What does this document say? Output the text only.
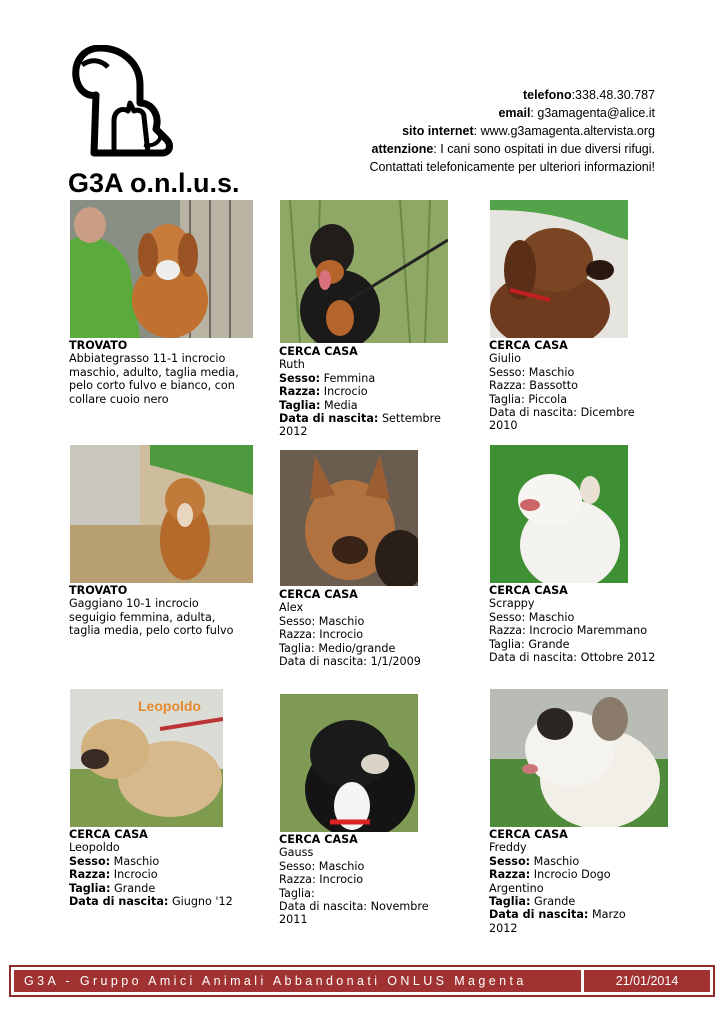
G3A o.n.l.u.s.
telefono:338.48.30.787
email: g3amagenta@alice.it
sito internet: www.g3amagenta.altervista.org
attenzione: I cani sono ospitati in due diversi rifugi.
Contattati telefonicamente per ulteriori informazioni!
Leopoldo
TROVATO
Abbiategrasso 11-1 incrocio maschio, adulto, taglia media, pelo corto fulvo e bianco, con collare cuoio nero
CERCA CASA
Ruth
Sesso: Femmina
Razza: Incrocio
Taglia: Media
Data di nascita: Settembre 2012
CERCA CASA
Giulio
Sesso: Maschio
Razza: Bassotto
Taglia: Piccola
Data di nascita: Dicembre 2010
TROVATO
Gaggiano 10-1 incrocio seguigio femmina, adulta, taglia media, pelo corto fulvo
CERCA CASA
Alex
Sesso: Maschio
Razza: Incrocio
Taglia: Medio/grande
Data di nascita: 1/1/2009
CERCA CASA
Scrappy
Sesso: Maschio
Razza: Incrocio Maremmano
Taglia: Grande
Data di nascita: Ottobre 2012
CERCA CASA
Leopoldo
Sesso: Maschio
Razza: Incrocio
Taglia: Grande
Data di nascita: Giugno '12
CERCA CASA
Gauss
Sesso: Maschio
Razza: Incrocio
Taglia:
Data di nascita: Novembre 2011
CERCA CASA
Freddy
Sesso: Maschio
Razza: Incrocio Dogo Argentino
Taglia: Grande
Data di nascita: Marzo 2012
G3A - Gruppo Amici Animali Abbandonati ONLUS Magenta	21/01/2014
